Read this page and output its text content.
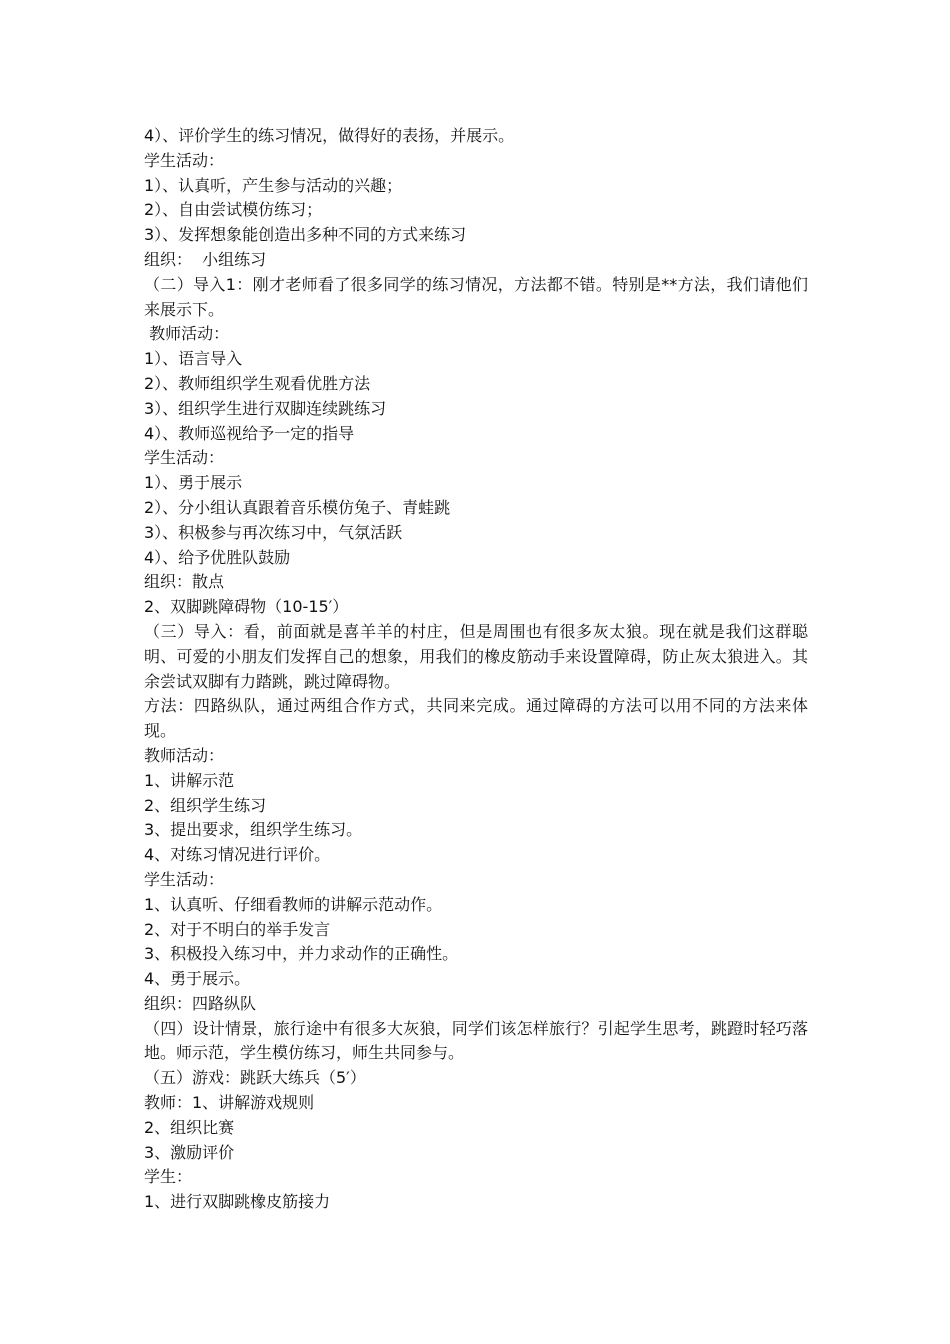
4）、评价学生的练习情况，做得好的表扬，并展示。
学生活动：
1）、认真听，产生参与活动的兴趣；
2）、自由尝试模仿练习；
3）、发挥想象能创造出多种不同的方式来练习
组织：  小组练习
（二）导入1：刚才老师看了很多同学的练习情况，方法都不错。特别是**方法，我们请他们来展示下。
教师活动：
1）、语言导入
2）、教师组织学生观看优胜方法
3）、组织学生进行双脚连续跳练习
4）、教师巡视给予一定的指导
学生活动：
1）、勇于展示
2）、分小组认真跟着音乐模仿兔子、青蛙跳
3）、积极参与再次练习中，气氛活跃
4）、给予优胜队鼓励
组织：散点
2、双脚跳障碍物（10-15′）
（三）导入：看，前面就是喜羊羊的村庄，但是周围也有很多灰太狼。现在就是我们这群聪明、可爱的小朋友们发挥自己的想象，用我们的橡皮筋动手来设置障碍，防止灰太狼进入。其余尝试双脚有力踏跳，跳过障碍物。
方法：四路纵队，通过两组合作方式，共同来完成。通过障碍的方法可以用不同的方法来体现。
教师活动：
1、讲解示范
2、组织学生练习
3、提出要求，组织学生练习。
4、对练习情况进行评价。
学生活动：
1、认真听、仔细看教师的讲解示范动作。
2、对于不明白的举手发言
3、积极投入练习中，并力求动作的正确性。
4、勇于展示。
组织：四路纵队
（四）设计情景，旅行途中有很多大灰狼，同学们该怎样旅行？引起学生思考，跳蹬时轻巧落地。师示范，学生模仿练习，师生共同参与。
（五）游戏：跳跃大练兵（5′）
教师：1、讲解游戏规则
2、组织比赛
3、激励评价
学生：
1、进行双脚跳橡皮筋接力
